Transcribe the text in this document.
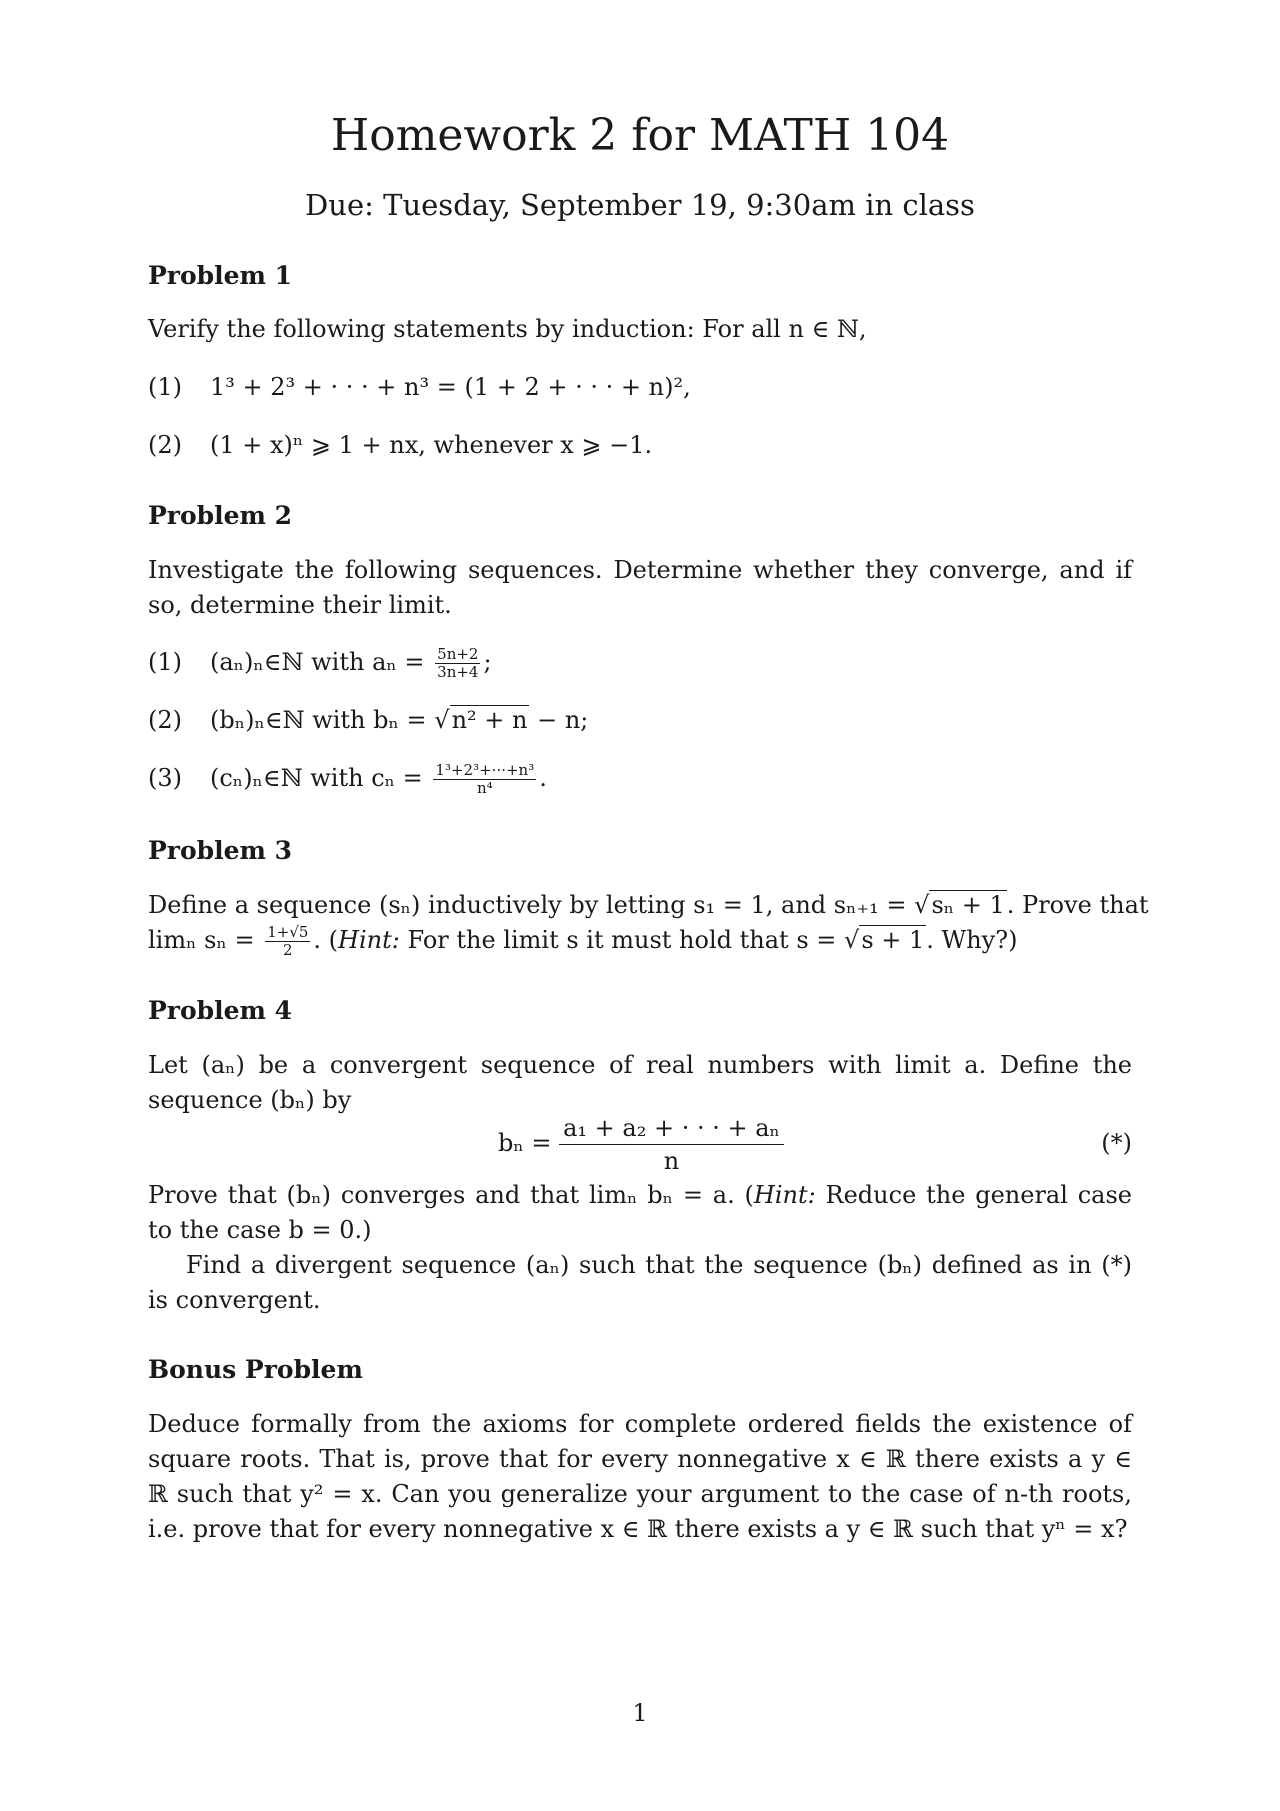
Homework 2 for MATH 104
Due: Tuesday, September 19, 9:30am in class
Problem 1

Verify the following statements by induction: For all n ∈ ℕ,

(1) 1³ + 2³ + · · · + n³ = (1 + 2 + · · · + n)²,
(2) (1 + x)ⁿ ⩾ 1 + nx, whenever x ⩾ −1.
Problem 2

Investigate the following sequences. Determine whether they converge, and if so, determine their limit.

(1) (aₙ)ₙ∈ℕ with $a_n = \frac{5n+2}{3n+4}$ ;
(2) (bₙ)ₙ∈ℕ with bₙ = √n² + n − n;
(3) (cₙ)ₙ∈ℕ with $c_n = \frac{\text{1³+2³+···+n³}}{\text{n⁴}}$ .
Problem 3
Define a sequence (sₙ) inductively by letting s₁ = 1, and sₙ₊₁ = √sₙ + 1. Prove that
limₙ $s_n = \frac{1+√5}{2}$ . (Hint: For the limit s it must hold that s = √s + 1. Why?)
Problem 4

Let (aₙ) be a convergent sequence of real numbers with limit a. Define the sequence (bₙ) by

$b_n = \frac{\text{a₁ + a₂ + · · · + aₙ}}{n}$	(*)

Prove that (bₙ) converges and that limₙ bₙ = a. (Hint: Reduce the general case to the case b = 0.)

Find a divergent sequence (aₙ) such that the sequence (bₙ) defined as in (*) is convergent.

Bonus Problem

Deduce formally from the axioms for complete ordered fields the existence of square roots. That is, prove that for every nonnegative x ∈ ℝ there exists a y ∈ ℝ such that y² = x. Can you generalize your argument to the case of n-th roots, i.e. prove that for every nonnegative x ∈ ℝ there exists a y ∈ ℝ such that yⁿ = x?

1
